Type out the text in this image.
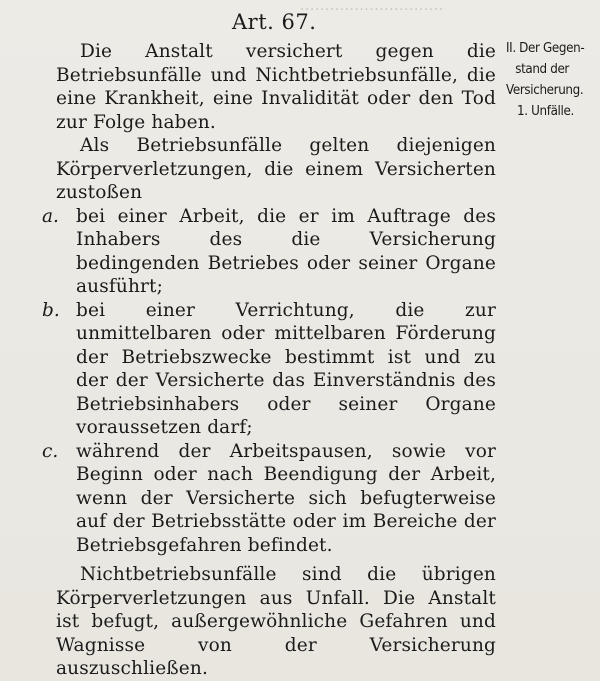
·····························
Art. 67.

Die Anstalt versichert gegen die Betriebsunfälle und Nichtbetriebsunfälle, die eine Krankheit, eine Invalidität oder den Tod zur Folge haben.

Als Betriebsunfälle gelten diejenigen Körperverletzungen, die einem Versicherten zustoßen

a. bei einer Arbeit, die er im Auftrage des Inhabers des die Versicherung bedingenden Betriebes oder seiner Organe ausführt;

b. bei einer Verrichtung, die zur unmittelbaren oder mittelbaren Förderung der Betriebszwecke bestimmt ist und zu der der Versicherte das Einverständnis des Betriebsinhabers oder seiner Organe voraussetzen darf;

c. während der Arbeitspausen, sowie vor Beginn oder nach Beendigung der Arbeit, wenn der Versicherte sich befugterweise auf der Betriebsstätte oder im Bereiche der Betriebsgefahren befindet.

Nichtbetriebsunfälle sind die übrigen Körperverletzungen aus Unfall. Die Anstalt ist befugt, außergewöhnliche Gefahren und Wagnisse von der Versicherung auszuschließen.

II. Der Gegen-
stand der
Versicherung.
1. Unfälle.
